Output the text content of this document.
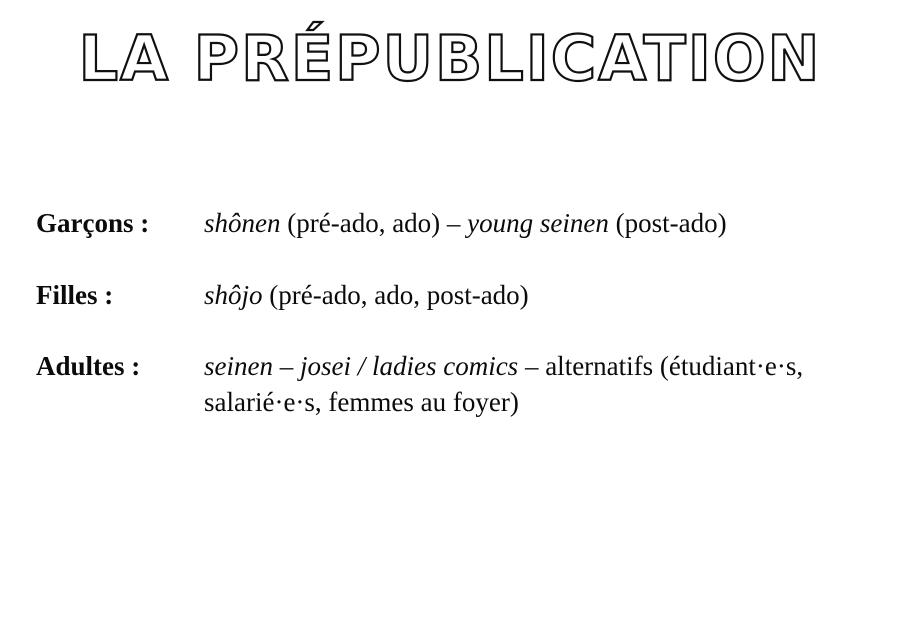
LA PRÉPUBLICATION
Garçons :	shônen (pré-ado, ado) – young seinen (post-ado)
Filles :	shôjo (pré-ado, ado, post-ado)
Adultes :	seinen – josei / ladies comics – alternatifs (étudiant·e·s, salarié·e·s, femmes au foyer)
